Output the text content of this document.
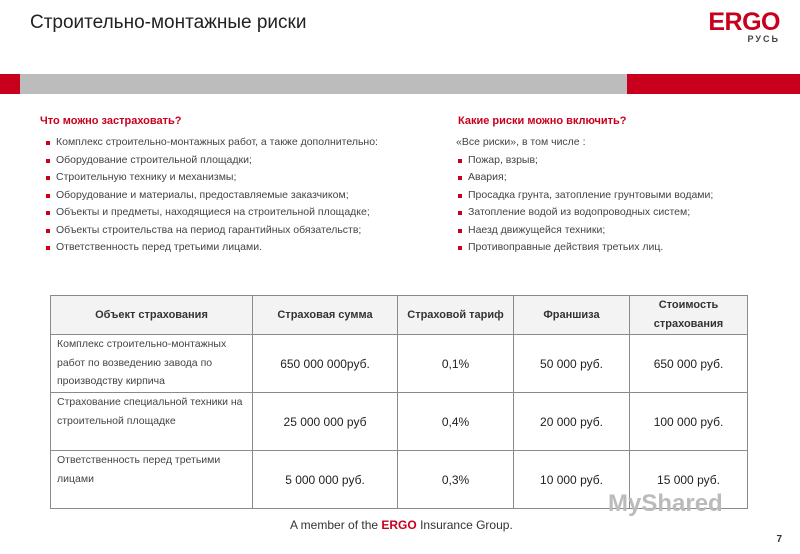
Строительно-монтажные риски	ERGO
РУСЬ
Что можно застраховать?
Комплекс строительно-монтажных работ, а также дополнительно:
Оборудование строительной площадки;
Строительную технику и механизмы;
Оборудование и материалы, предоставляемые заказчиком;
Объекты и предметы, находящиеся на строительной площадке;
Объекты строительства на период гарантийных обязательств;
Ответственность перед третьими лицами.
Какие риски можно включить?
«Все риски», в том числе :
Пожар, взрыв;
Авария;
Просадка грунта, затопление грунтовыми водами;
Затопление водой из водопроводных систем;
Наезд движущейся техники;
Противоправные действия третьих лиц.
Объект страхования	Страховая сумма	Страховой тариф	Франшиза	Стоимость страхования
Комплекс строительно-монтажных работ по возведению завода по производству кирпича	650 000 000руб.	0,1%	50 000 руб.	650 000 руб.
Страхование специальной техники на строительной площадке	25 000 000 руб	0,4%	20 000 руб.	100 000 руб.
Ответственность перед третьими лицами	5 000 000 руб.	0,3%	10 000 руб.	15 000 руб.
MyShared
A member of the ERGO Insurance Group.
7
